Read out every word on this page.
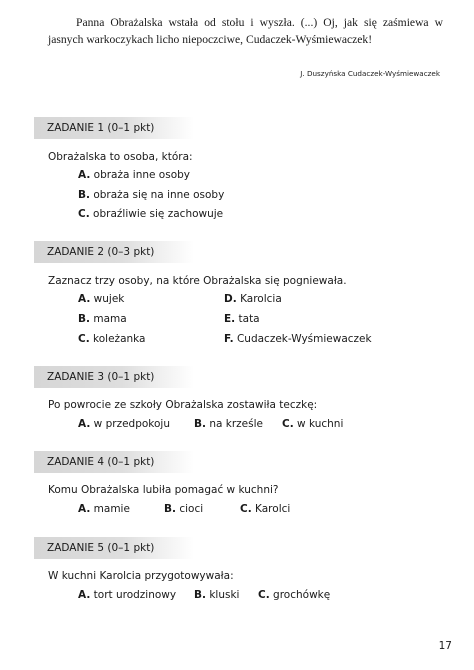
Panna Obrażalska wstała od stołu i wyszła. (...) Oj, jak się zaśmiewa w jasnych warkoczykach licho niepoczciwe, Cudaczek-Wyśmiewaczek!

J. Duszyńska Cudaczek-Wyśmiewaczek
ZADANIE 1 (0–1 pkt)
Obrażalska to osoba, która:
A. obraża inne osoby
B. obraża się na inne osoby
C. obraźliwie się zachowuje
ZADANIE 2 (0–3 pkt)
Zaznacz trzy osoby, na które Obrażalska się pogniewała.
A. wujek
B. mama
C. koleżanka
D. Karolcia
E. tata
F. Cudaczek-Wyśmiewaczek
ZADANIE 3 (0–1 pkt)
Po powrocie ze szkoły Obrażalska zostawiła teczkę:
A. w przedpokoju B. na krześle C. w kuchni
ZADANIE 4 (0–1 pkt)
Komu Obrażalska lubiła pomagać w kuchni?
A. mamie	B. cioci	C. Karolci
ZADANIE 5 (0–1 pkt)
W kuchni Karolcia przygotowywała:
A. tort urodzinowy B. kluski C. grochówkę
17
